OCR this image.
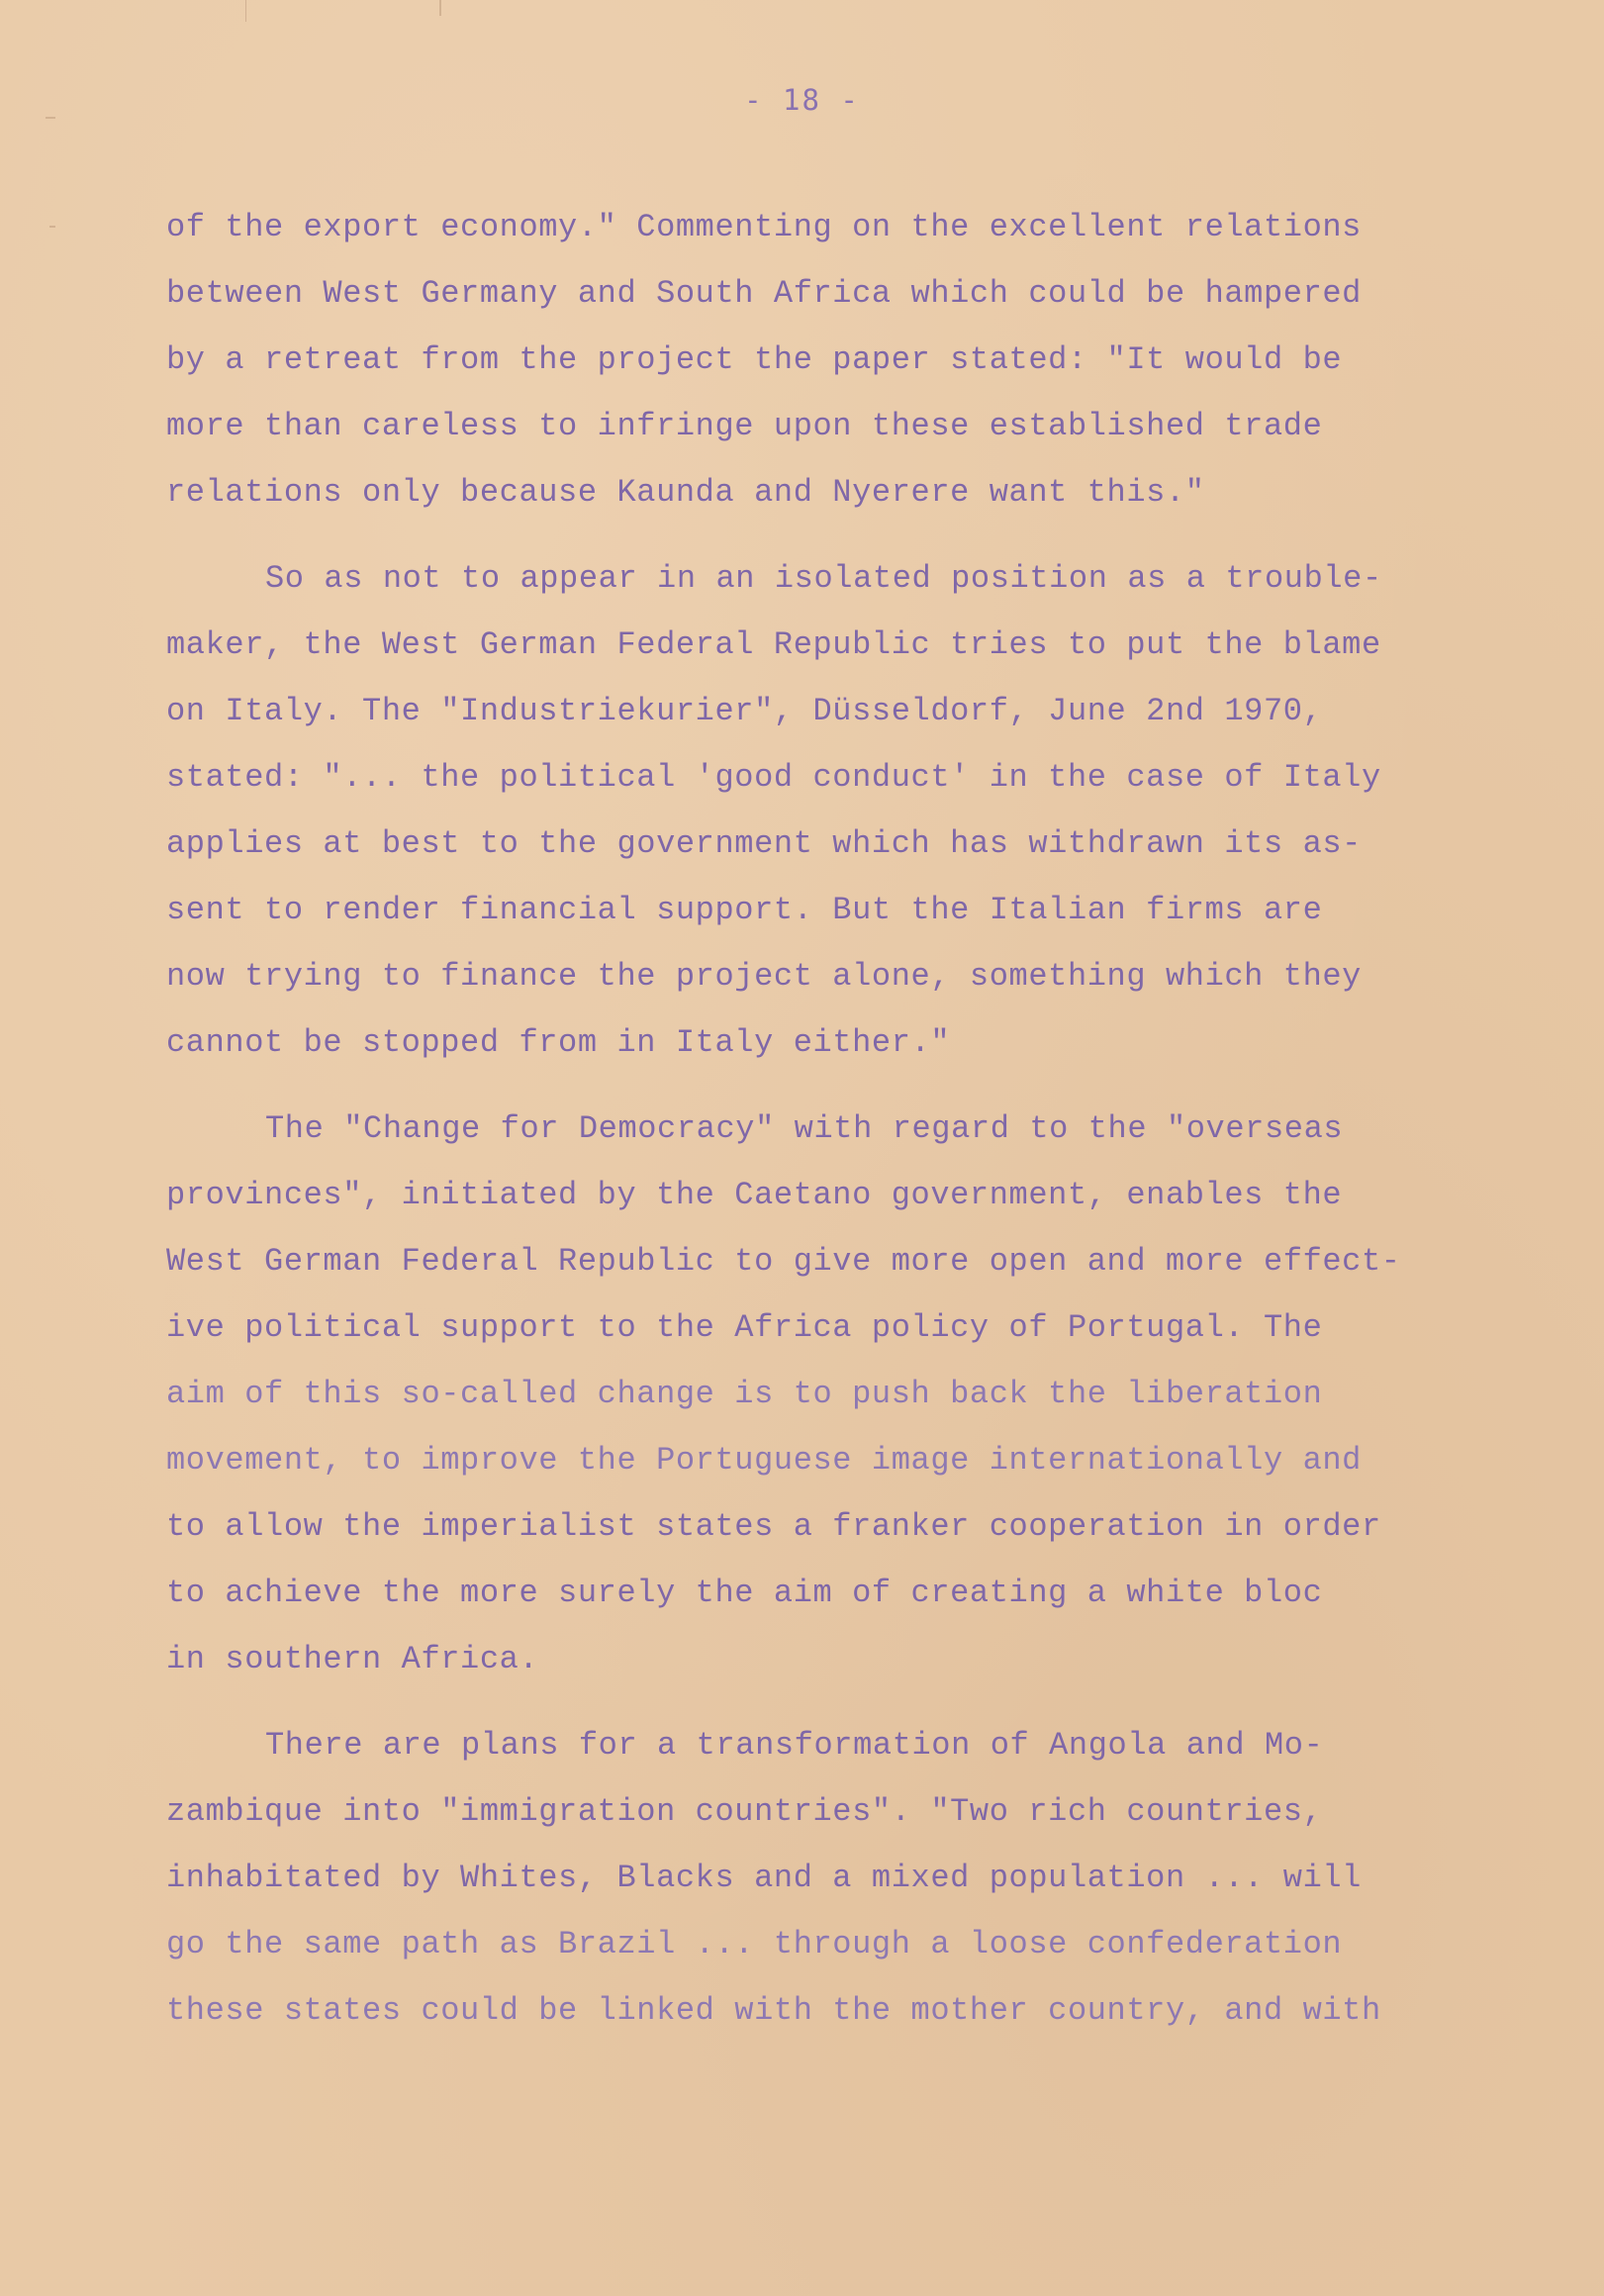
- 18 -
of the export economy." Commenting on the excellent relations
between West Germany and South Africa which could be hampered
by a retreat from the project the paper stated: "It would be
more than careless to infringe upon these established trade
relations only because Kaunda and Nyerere want this."
So as not to appear in an isolated position as a trouble-
maker, the West German Federal Republic tries to put the blame
on Italy. The "Industriekurier", Düsseldorf, June 2nd 1970,
stated: "... the political 'good conduct' in the case of Italy
applies at best to the government which has withdrawn its as-
sent to render financial support. But the Italian firms are
now trying to finance the project alone, something which they
cannot be stopped from in Italy either."
The "Change for Democracy" with regard to the "overseas
provinces", initiated by the Caetano government, enables the
West German Federal Republic to give more open and more effect-
ive political support to the Africa policy of Portugal. The
aim of this so-called change is to push back the liberation
movement, to improve the Portuguese image internationally and
to allow the imperialist states a franker cooperation in order
to achieve the more surely the aim of creating a white bloc
in southern Africa.
There are plans for a transformation of Angola and Mo-
zambique into "immigration countries". "Two rich countries,
inhabitated by Whites, Blacks and a mixed population ... will
go the same path as Brazil ... through a loose confederation
these states could be linked with the mother country, and with
